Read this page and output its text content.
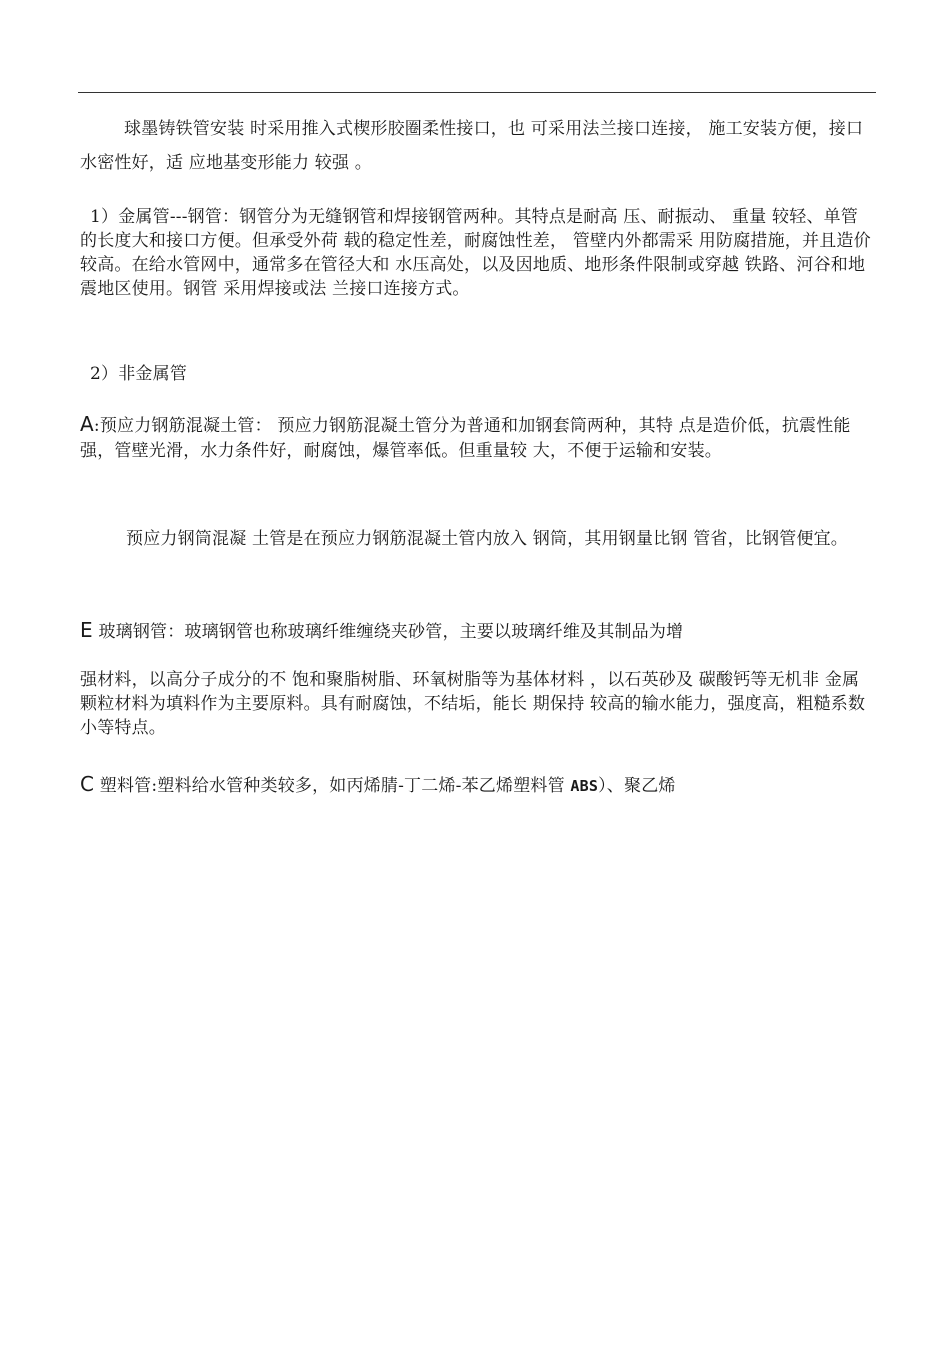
球墨铸铁管安装 时采用推入式楔形胶圈柔性接口，也 可采用法兰接口连接， 施工安装方便，接口水密性好，适 应地基变形能力 较强 。

1）金属管---钢管：钢管分为无缝钢管和焊接钢管两种。其特点是耐高 压、耐振动、 重量 较轻、单管的长度大和接口方便。但承受外荷 载的稳定性差，耐腐蚀性差， 管壁内外都需采 用防腐措施，并且造价 较高。在给水管网中，通常多在管径大和 水压高处，以及因地质、地形条件限制或穿越 铁路、河谷和地震地区使用。钢管 采用焊接或法 兰接口连接方式。

2）非金属管

A:预应力钢筋混凝土管： 预应力钢筋混凝土管分为普通和加钢套筒两种，其特 点是造价低，抗震性能 强，管壁光滑，水力条件好，耐腐蚀，爆管率低。但重量较 大，不便于运输和安装。

预应力钢筒混凝 土管是在预应力钢筋混凝土管内放入 钢筒，其用钢量比钢 管省，比钢管便宜。

E 玻璃钢管：玻璃钢管也称玻璃纤维缠绕夹砂管，主要以玻璃纤维及其制品为增

强材料，以高分子成分的不 饱和聚脂树脂、环氧树脂等为基体材料 ，以石英砂及 碳酸钙等无机非 金属颗粒材料为填料作为主要原料。具有耐腐蚀，不结垢，能长 期保持 较高的输水能力，强度高，粗糙系数小等特点。

C 塑料管:塑料给水管种类较多，如丙烯腈-丁二烯-苯乙烯塑料管 ABS）、聚乙烯
